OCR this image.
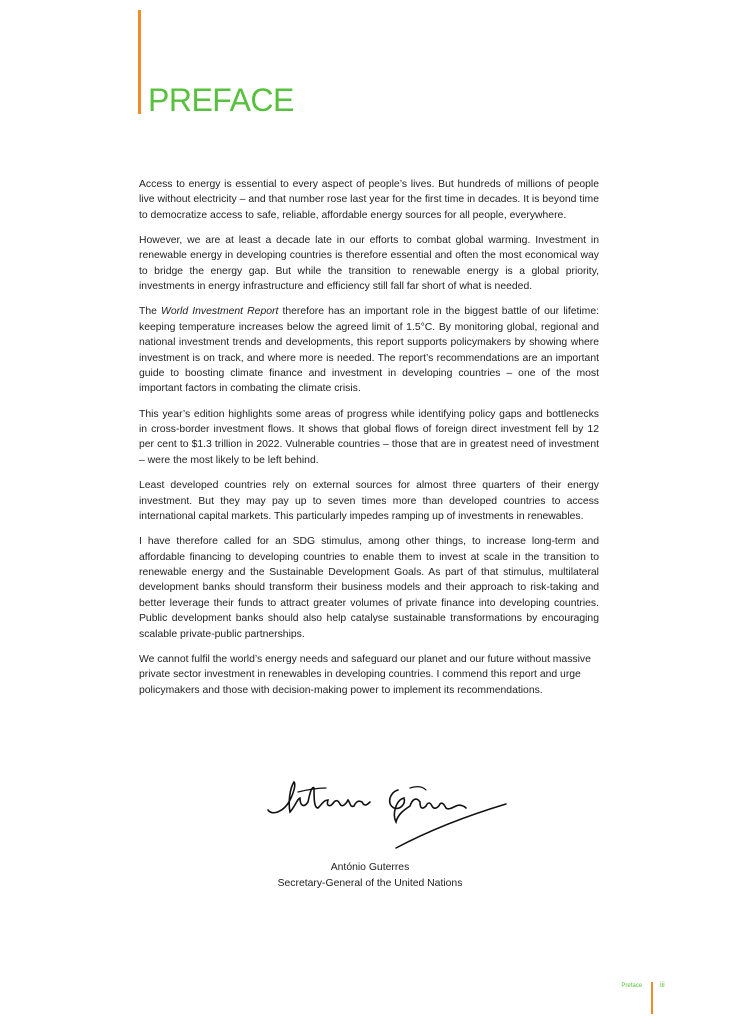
PREFACE

Access to energy is essential to every aspect of people’s lives. But hundreds of millions of people live without electricity – and that number rose last year for the first time in decades. It is beyond time to democratize access to safe, reliable, affordable energy sources for all people, everywhere.

However, we are at least a decade late in our efforts to combat global warming. Investment in renewable energy in developing countries is therefore essential and often the most economical way to bridge the energy gap. But while the transition to renewable energy is a global priority, investments in energy infrastructure and efficiency still fall far short of what is needed.

The World Investment Report therefore has an important role in the biggest battle of our lifetime: keeping temperature increases below the agreed limit of 1.5°C. By monitoring global, regional and national investment trends and developments, this report supports policymakers by showing where investment is on track, and where more is needed. The report’s recommendations are an important guide to boosting climate finance and investment in developing countries – one of the most important factors in combating the climate crisis.

This year’s edition highlights some areas of progress while identifying policy gaps and bottlenecks in cross-border investment flows. It shows that global flows of foreign direct investment fell by 12 per cent to $1.3 trillion in 2022. Vulnerable countries – those that are in greatest need of investment – were the most likely to be left behind.

Least developed countries rely on external sources for almost three quarters of their energy investment. But they may pay up to seven times more than developed countries to access international capital markets. This particularly impedes ramping up of investments in renewables.

I have therefore called for an SDG stimulus, among other things, to increase long-term and affordable financing to developing countries to enable them to invest at scale in the transition to renewable energy and the Sustainable Development Goals. As part of that stimulus, multilateral development banks should transform their business models and their approach to risk-taking and better leverage their funds to attract greater volumes of private finance into developing countries. Public development banks should also help catalyse sustainable transformations by encouraging scalable private-public partnerships.

We cannot fulfil the world’s energy needs and safeguard our planet and our future without massive private sector investment in renewables in developing countries. I commend this report and urge policymakers and those with decision-making power to implement its recommendations.

António Guterres
Secretary-General of the United Nations
Preface	iii
